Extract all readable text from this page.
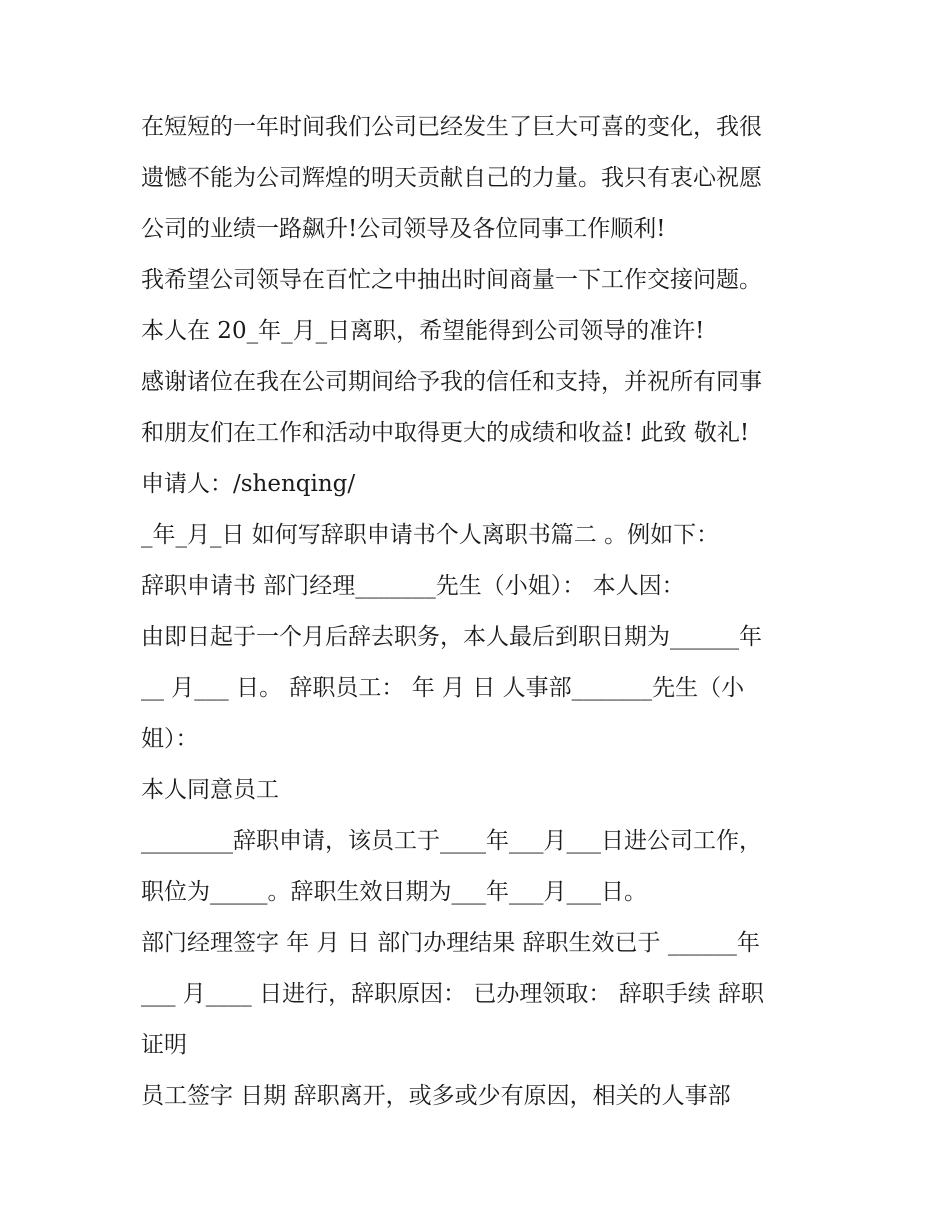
在短短的一年时间我们公司已经发生了巨大可喜的变化，我很
遗憾不能为公司辉煌的明天贡献自己的力量。我只有衷心祝愿
公司的业绩一路飙升!公司领导及各位同事工作顺利!
我希望公司领导在百忙之中抽出时间商量一下工作交接问题。
本人在 20_年_月_日离职，希望能得到公司领导的准许!
感谢诸位在我在公司期间给予我的信任和支持，并祝所有同事
和朋友们在工作和活动中取得更大的成绩和收益! 此致 敬礼!
申请人：/shenqing/
_年_月_日 如何写辞职申请书个人离职书篇二 。例如下：
辞职申请书 部门经理_______先生（小姐）： 本人因：
由即日起于一个月后辞去职务，本人最后到职日期为______年
__ 月___ 日。 辞职员工： 年 月 日 人事部_______先生（小
姐）：
本人同意员工
________辞职申请，该员工于____年___月___日进公司工作，
职位为_____。辞职生效日期为___年___月___日。
部门经理签字 年 月 日 部门办理结果 辞职生效已于 ______年
___ 月____ 日进行，辞职原因： 已办理领取： 辞职手续 辞职
证明
员工签字 日期 辞职离开，或多或少有原因，相关的人事部
